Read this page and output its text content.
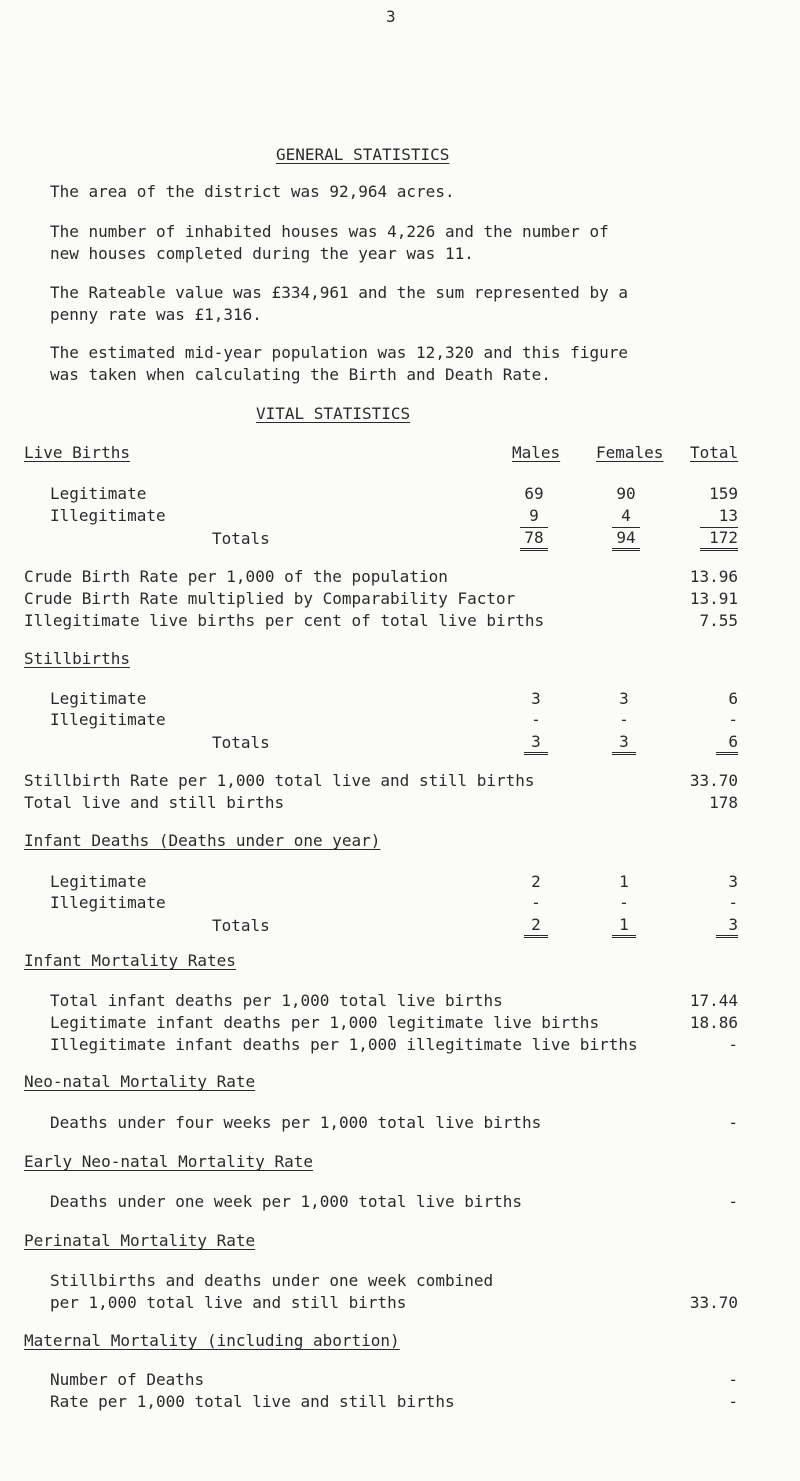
3
GENERAL STATISTICS
The area of the district was 92,964 acres.
The number of inhabited houses was 4,226 and the number of
new houses completed during the year was 11.
The Rateable value was £334,961 and the sum represented by a
penny rate was £1,316.
The estimated mid-year population was 12,320 and this figure
was taken when calculating the Birth and Death Rate.
VITAL STATISTICS
Live Births	Males Females Total
Legitimate	69	90	159
Illegitimate	9	4	13
Totals	78	94	172
Crude Birth Rate per 1,000 of the population	13.96
Crude Birth Rate multiplied by Comparability Factor	13.91
Illegitimate live births per cent of total live births	7.55
Stillbirths
Legitimate	3	3	6
Illegitimate	-	-	-
Totals	3	3	6
Stillbirth Rate per 1,000 total live and still births	33.70
Total live and still births	178
Infant Deaths (Deaths under one year)
Legitimate	2	1	3
Illegitimate	-	-	-
Totals	2	1	3
Infant Mortality Rates
Total infant deaths per 1,000 total live births	17.44
Legitimate infant deaths per 1,000 legitimate live births	18.86
Illegitimate infant deaths per 1,000 illegitimate live births	-
Neo-natal Mortality Rate
Deaths under four weeks per 1,000 total live births	-
Early Neo-natal Mortality Rate
Deaths under one week per 1,000 total live births	-
Perinatal Mortality Rate
Stillbirths and deaths under one week combined
per 1,000 total live and still births	33.70
Maternal Mortality (including abortion)
Number of Deaths	-
Rate per 1,000 total live and still births	-
